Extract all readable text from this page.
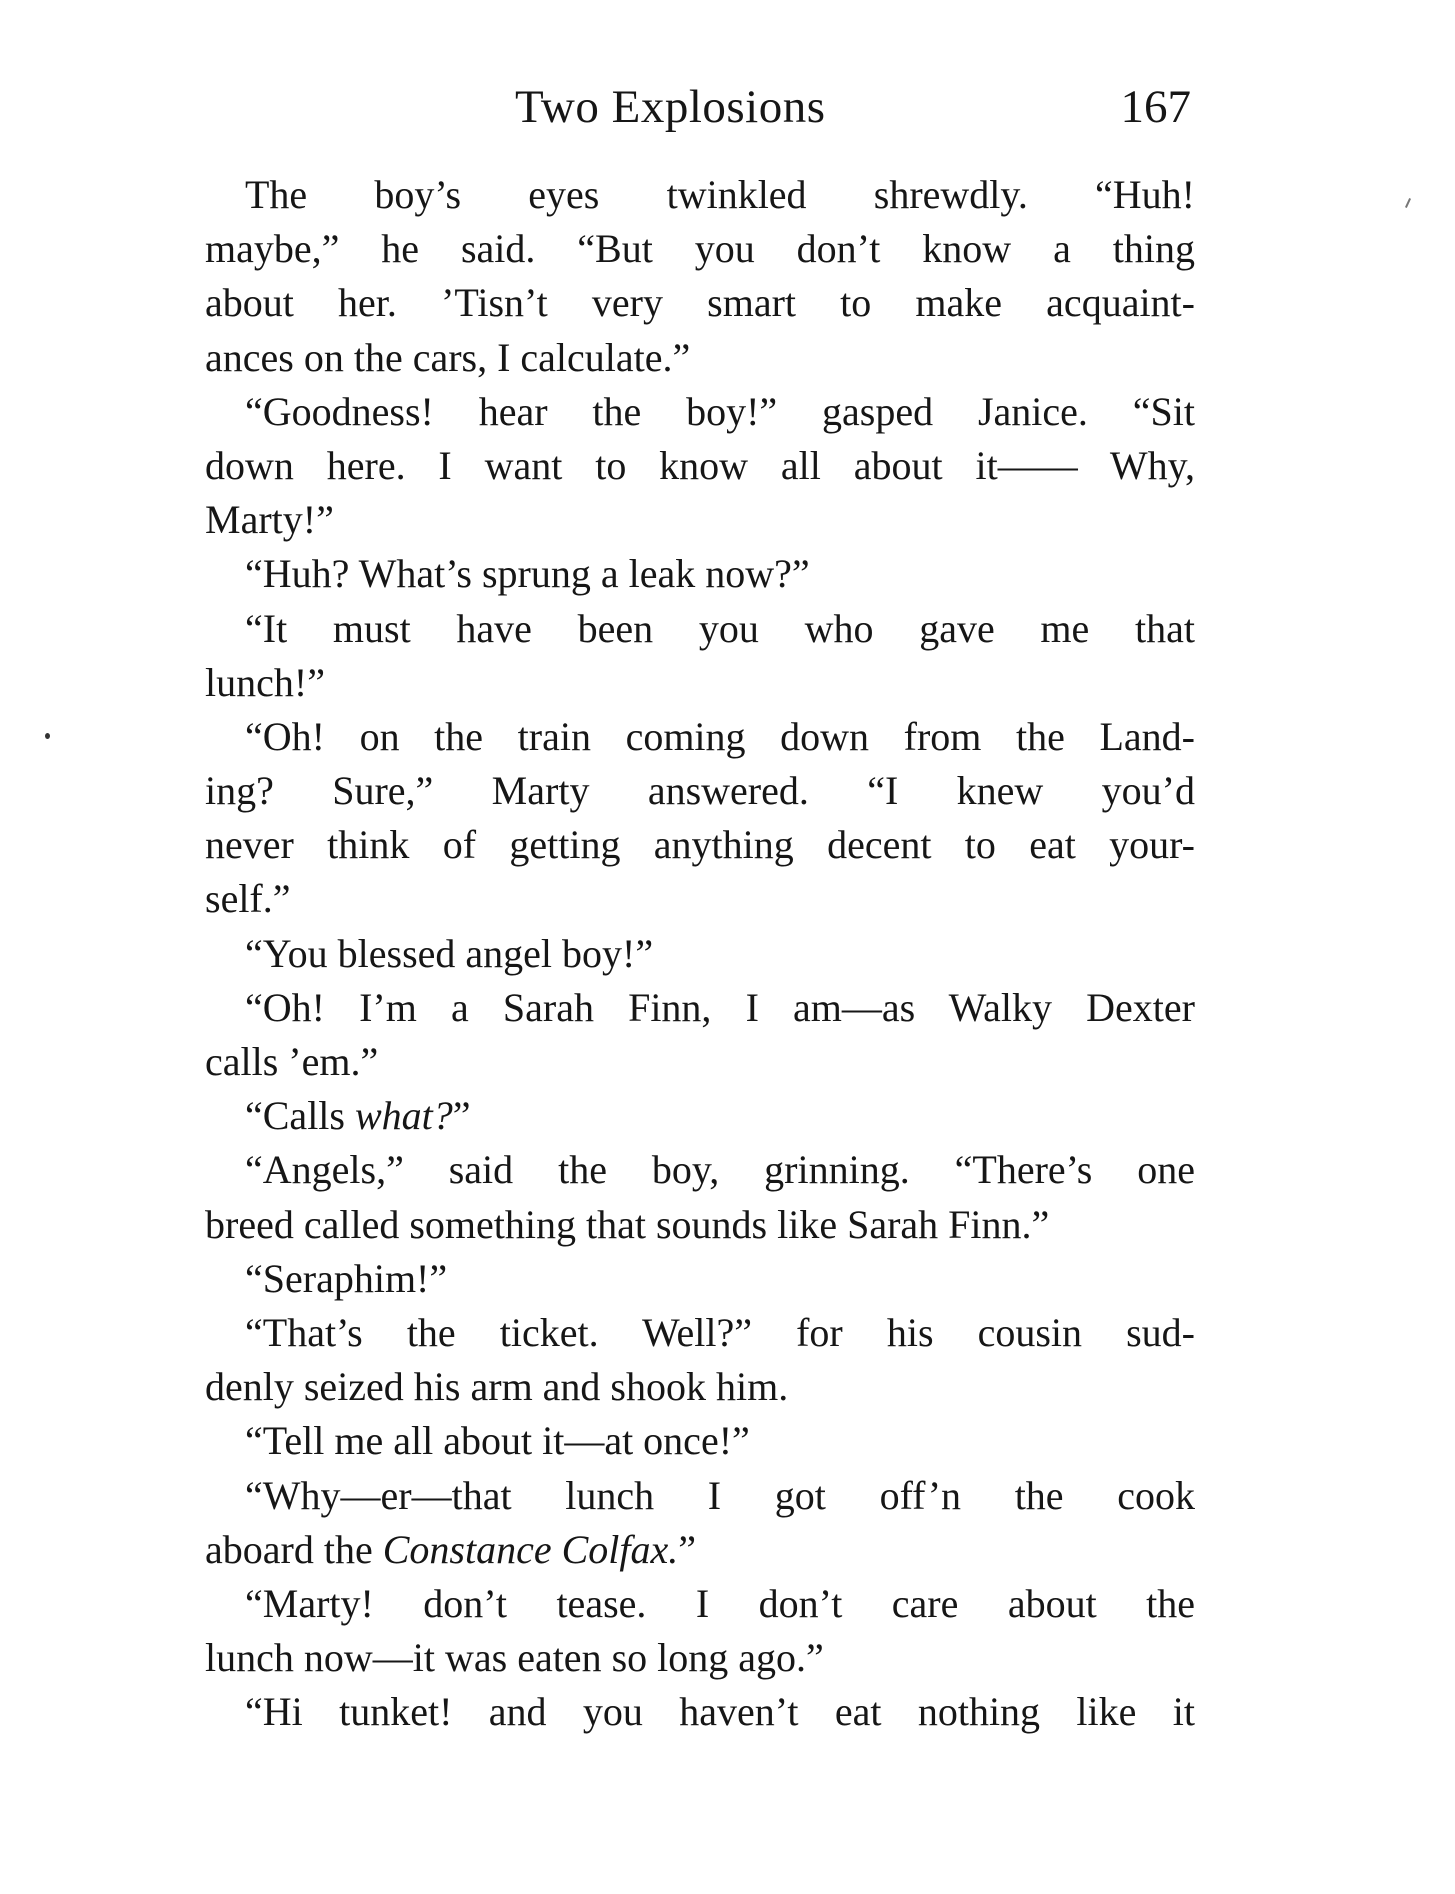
Two Explosions	167
The boy’s eyes twinkled shrewdly. “Huh!
maybe,” he said. “But you don’t know a thing
about her. ’Tisn’t very smart to make acquaint-
ances on the cars, I calculate.”
“Goodness! hear the boy!” gasped Janice. “Sit
down here. I want to know all about it—— Why,
Marty!”
“Huh? What’s sprung a leak now?”
“It must have been you who gave me that
lunch!”
“Oh! on the train coming down from the Land-
ing? Sure,” Marty answered. “I knew you’d
never think of getting anything decent to eat your-
self.”
“You blessed angel boy!”
“Oh! I’m a Sarah Finn, I am—as Walky Dexter
calls ’em.”
“Calls what?”
“Angels,” said the boy, grinning. “There’s one
breed called something that sounds like Sarah Finn.”
“Seraphim!”
“That’s the ticket. Well?” for his cousin sud-
denly seized his arm and shook him.
“Tell me all about it—at once!”
“Why—er—that lunch I got off’n the cook
aboard the Constance Colfax.”
“Marty! don’t tease. I don’t care about the
lunch now—it was eaten so long ago.”
“Hi tunket! and you haven’t eat nothing like it
